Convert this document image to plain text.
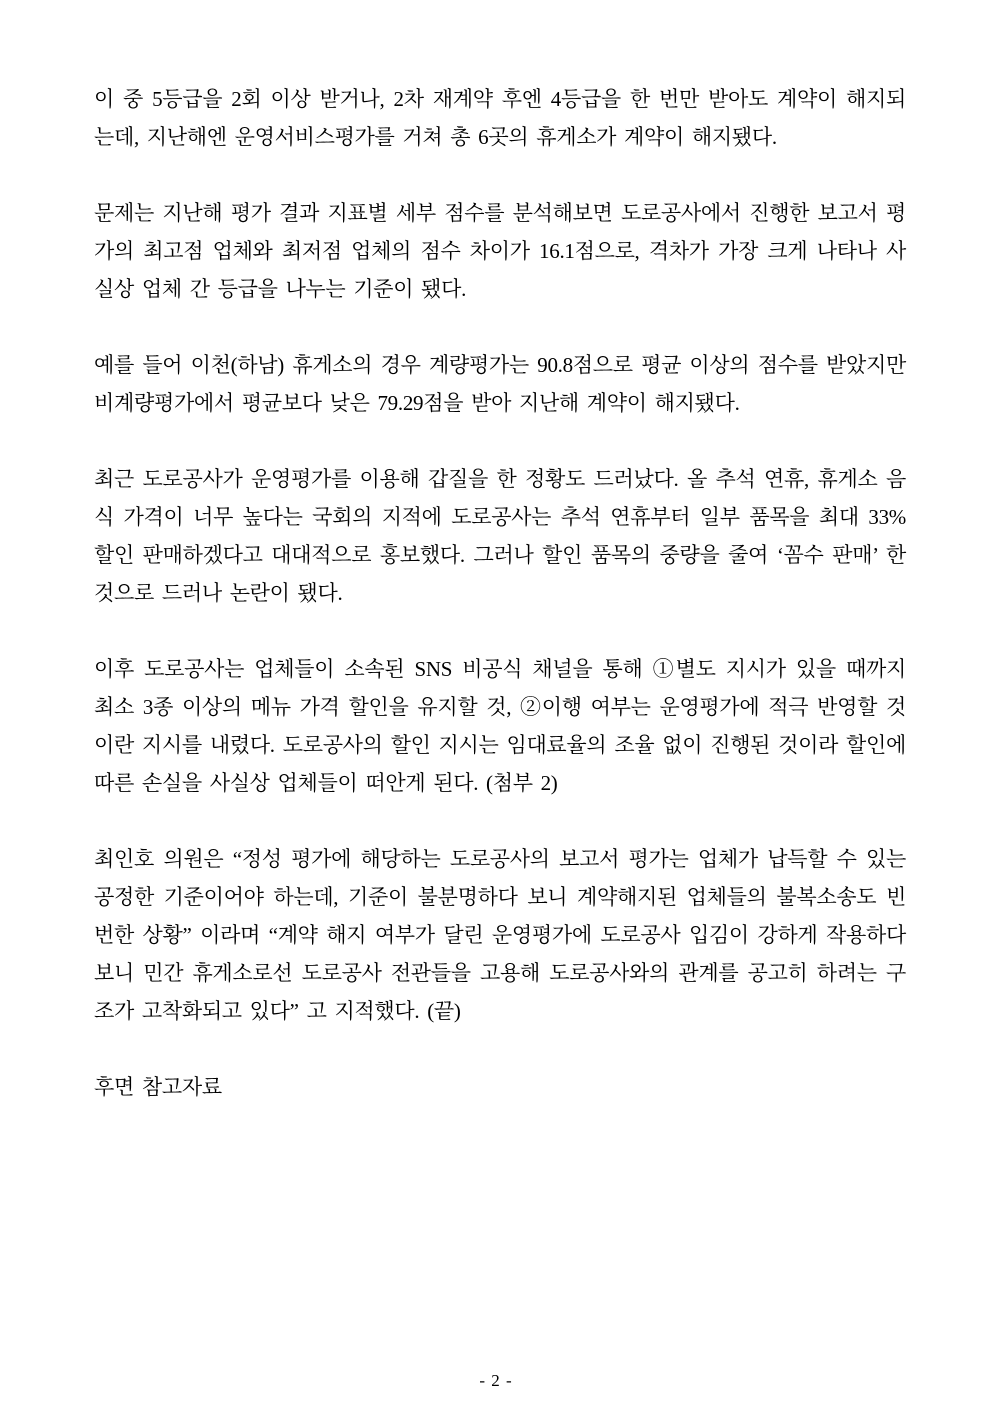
이 중 5등급을 2회 이상 받거나, 2차 재계약 후엔 4등급을 한 번만 받아도 계약이 해지되는데, 지난해엔 운영서비스평가를 거쳐 총 6곳의 휴게소가 계약이 해지됐다.

문제는 지난해 평가 결과 지표별 세부 점수를 분석해보면 도로공사에서 진행한 보고서 평가의 최고점 업체와 최저점 업체의 점수 차이가 16.1점으로, 격차가 가장 크게 나타나 사실상 업체 간 등급을 나누는 기준이 됐다.

예를 들어 이천(하남) 휴게소의 경우 계량평가는 90.8점으로 평균 이상의 점수를 받았지만 비계량평가에서 평균보다 낮은 79.29점을 받아 지난해 계약이 해지됐다.

최근 도로공사가 운영평가를 이용해 갑질을 한 정황도 드러났다. 올 추석 연휴, 휴게소 음식 가격이 너무 높다는 국회의 지적에 도로공사는 추석 연휴부터 일부 품목을 최대 33% 할인 판매하겠다고 대대적으로 홍보했다. 그러나 할인 품목의 중량을 줄여 ‘꼼수 판매’ 한 것으로 드러나 논란이 됐다.

이후 도로공사는 업체들이 소속된 SNS 비공식 채널을 통해 ①별도 지시가 있을 때까지 최소 3종 이상의 메뉴 가격 할인을 유지할 것, ②이행 여부는 운영평가에 적극 반영할 것이란 지시를 내렸다. 도로공사의 할인 지시는 임대료율의 조율 없이 진행된 것이라 할인에 따른 손실을 사실상 업체들이 떠안게 된다. (첨부 2)

최인호 의원은 “정성 평가에 해당하는 도로공사의 보고서 평가는 업체가 납득할 수 있는 공정한 기준이어야 하는데, 기준이 불분명하다 보니 계약해지된 업체들의 불복소송도 빈번한 상황” 이라며 “계약 해지 여부가 달린 운영평가에 도로공사 입김이 강하게 작용하다 보니 민간 휴게소로선 도로공사 전관들을 고용해 도로공사와의 관계를 공고히 하려는 구조가 고착화되고 있다” 고 지적했다. (끝)

후면 참고자료

- 2 -
